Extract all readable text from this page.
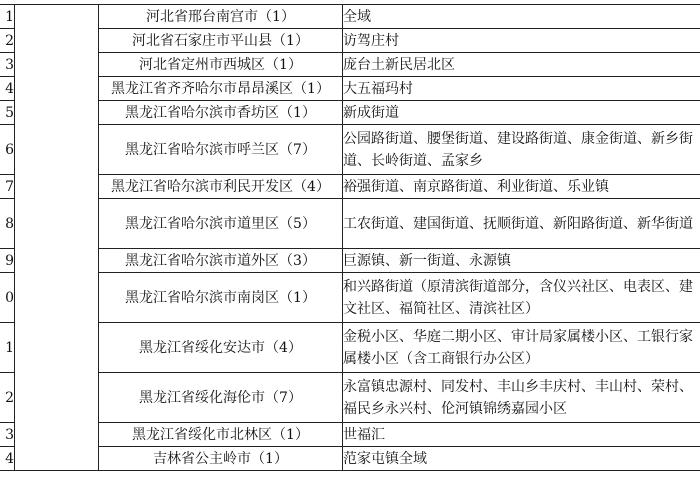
1		河北省邢台南宫市（1）	全域
2		河北省石家庄市平山县（1）	访驾庄村
3		河北省定州市西城区（1）	庞台土新民居北区
4		黑龙江省齐齐哈尔市昂昂溪区（1）	大五福玛村
5		黑龙江省哈尔滨市香坊区（1）	新成街道
6		黑龙江省哈尔滨市呼兰区（7）	公园路街道、腰堡街道、建设路街道、康金街道、新乡街道、长岭街道、孟家乡
7		黑龙江省哈尔滨市利民开发区（4）	裕强街道、南京路街道、利业街道、乐业镇
8		黑龙江省哈尔滨市道里区（5）	工农街道、建国街道、抚顺街道、新阳路街道、新华街道
9		黑龙江省哈尔滨市道外区（3）	巨源镇、新一街道、永源镇
0		黑龙江省哈尔滨市南岗区（1）	和兴路街道（原清滨街道部分，含仪兴社区、电表区、建文社区、福简社区、清滨社区）
1		黑龙江省绥化安达市（4）	金税小区、华庭二期小区、审计局家属楼小区、工银行家属楼小区（含工商银行办公区）
2		黑龙江省绥化海伦市（7）	永富镇忠源村、同发村、丰山乡丰庆村、丰山村、荣村、福民乡永兴村、伦河镇锦绣嘉园小区
3		黑龙江省绥化市北林区（1）	世福汇
4		吉林省公主岭市（1）	范家屯镇全域
